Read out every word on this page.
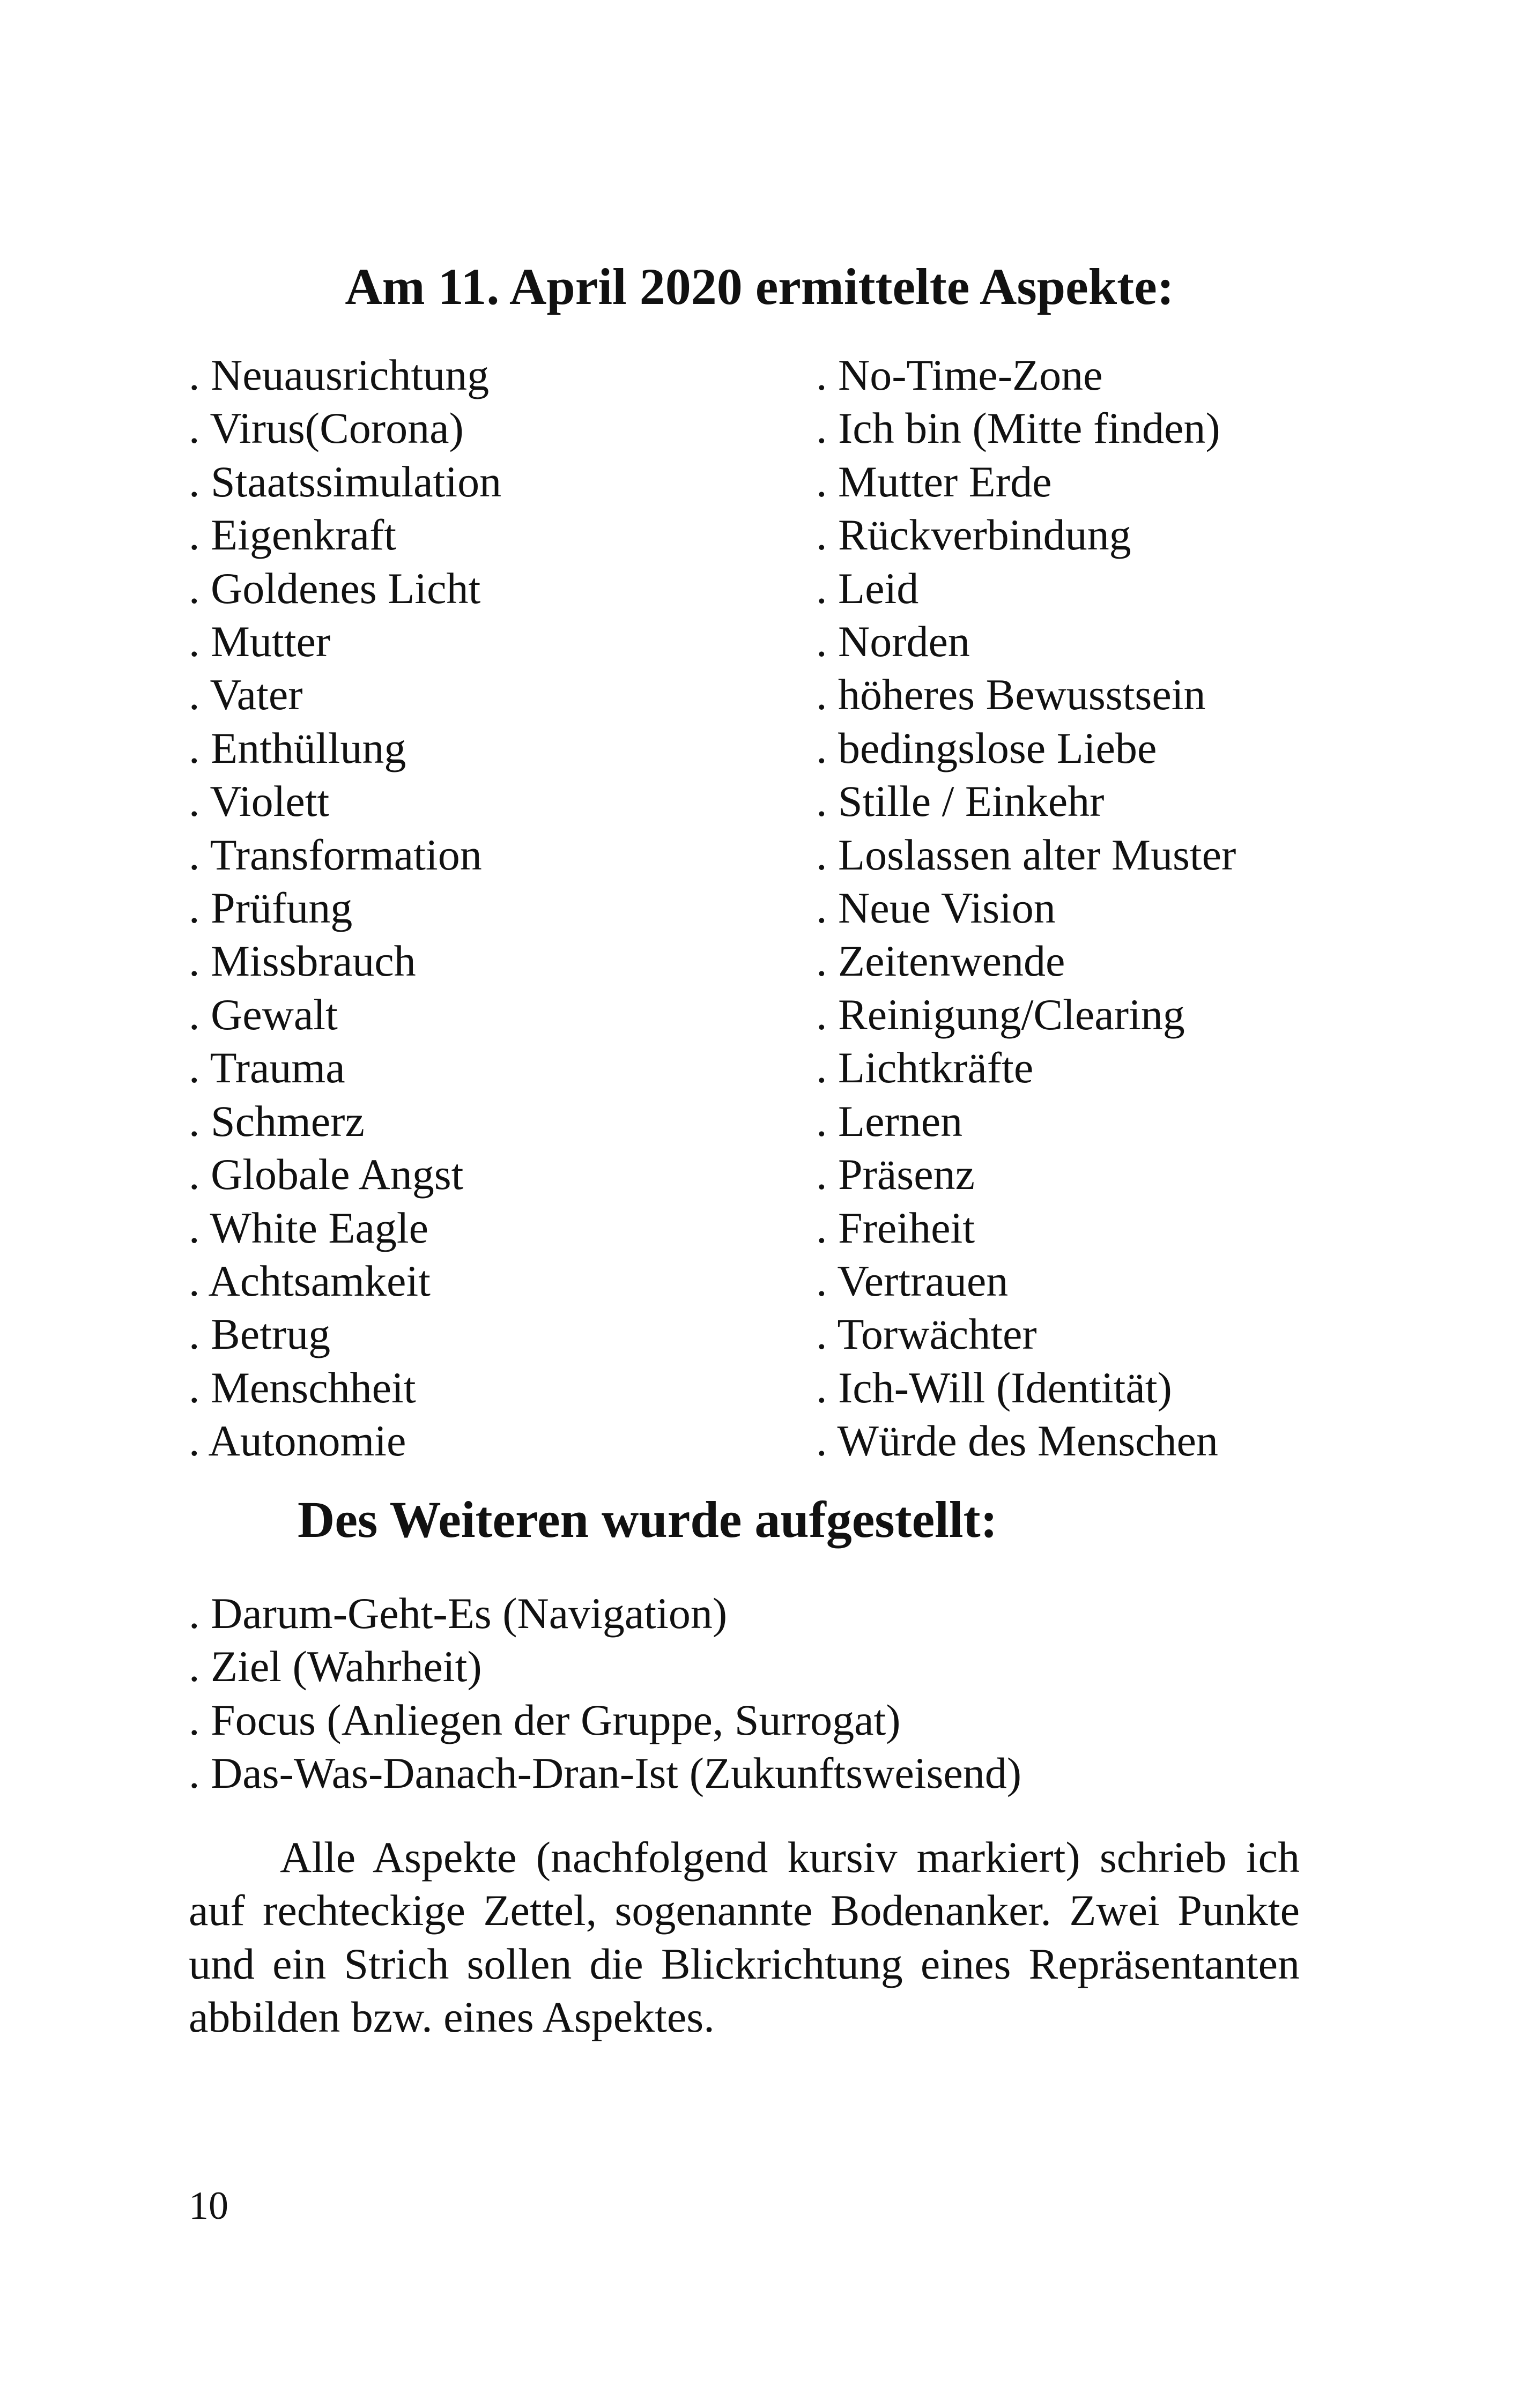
Am 11. April 2020 ermittelte Aspekte:
. Neuausrichtung
. Virus(Corona)
. Staatssimulation
. Eigenkraft
. Goldenes Licht
. Mutter
. Vater
. Enthüllung
. Violett
. Transformation
. Prüfung
. Missbrauch
. Gewalt
. Trauma
. Schmerz
. Globale Angst
. White Eagle
. Achtsamkeit
. Betrug
. Menschheit
. Autonomie
. No-Time-Zone
. Ich bin (Mitte finden)
. Mutter Erde
. Rückverbindung
. Leid
. Norden
. höheres Bewusstsein
. bedingslose Liebe
. Stille / Einkehr
. Loslassen alter Muster
. Neue Vision
. Zeitenwende
. Reinigung/Clearing
. Lichtkräfte
. Lernen
. Präsenz
. Freiheit
. Vertrauen
. Torwächter
. Ich-Will (Identität)
. Würde des Menschen
Des Weiteren wurde aufgestellt:
. Darum-Geht-Es (Navigation)
. Ziel (Wahrheit)
. Focus (Anliegen der Gruppe, Surrogat)
. Das-Was-Danach-Dran-Ist (Zukunftsweisend)

Alle Aspekte (nachfolgend kursiv markiert) schrieb ich auf rechteckige Zettel, sogenannte Bodenanker. Zwei Punkte und ein Strich sollen die Blickrichtung eines Repräsentanten abbilden bzw. eines Aspektes.

10
